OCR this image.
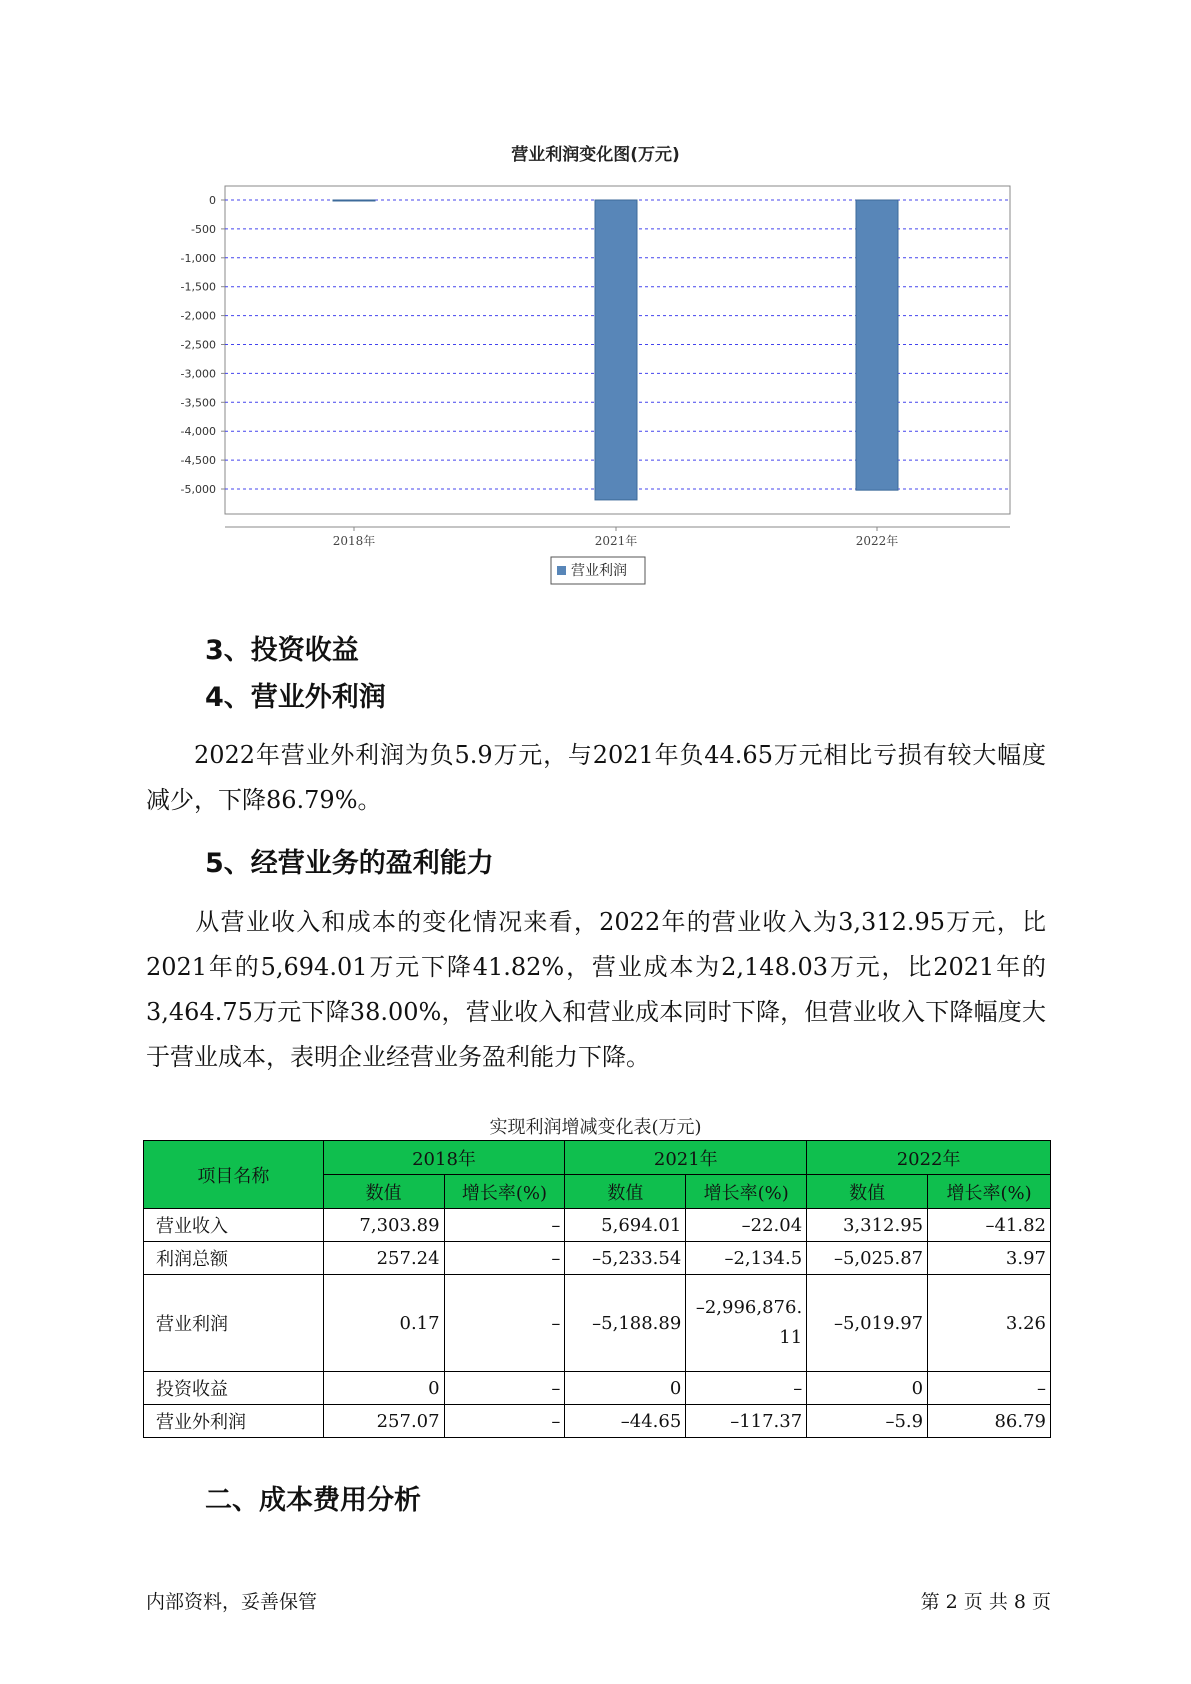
营业利润变化图(万元)
0
-500
-1,000
-1,500
-2,000
-2,500
-3,000
-3,500
-4,000
-4,500
-5,000
2018年	2021年	2022年
营业利润
3、投资收益
4、营业外利润
2022年营业外利润为负5.9万元，与2021年负44.65万元相比亏损有较大幅度减少，下降86.79%。
5、经营业务的盈利能力
从营业收入和成本的变化情况来看，2022年的营业收入为3,312.95万元，比2021年的5,694.01万元下降41.82%，营业成本为2,148.03万元，比2021年的3,464.75万元下降38.00%，营业收入和营业成本同时下降，但营业收入下降幅度大于营业成本，表明企业经营业务盈利能力下降。
实现利润增减变化表(万元)
项目名称	2018年		2021年		2022年	
	数值	增长率(%)	数值	增长率(%)	数值	增长率(%)
营业收入	7,303.89	–	5,694.01	–22.04	3,312.95	–41.82
利润总额	257.24	–	–5,233.54	–2,134.5	–5,025.87	3.97
营业利润	0.17	–	–5,188.89	–2,996,876.11	–5,019.97	3.26
投资收益	0	–	0	–	0	–
营业外利润	257.07	–	–44.65	–117.37	–5.9	86.79
二、成本费用分析
内部资料，妥善保管	第 2 页 共 8 页
